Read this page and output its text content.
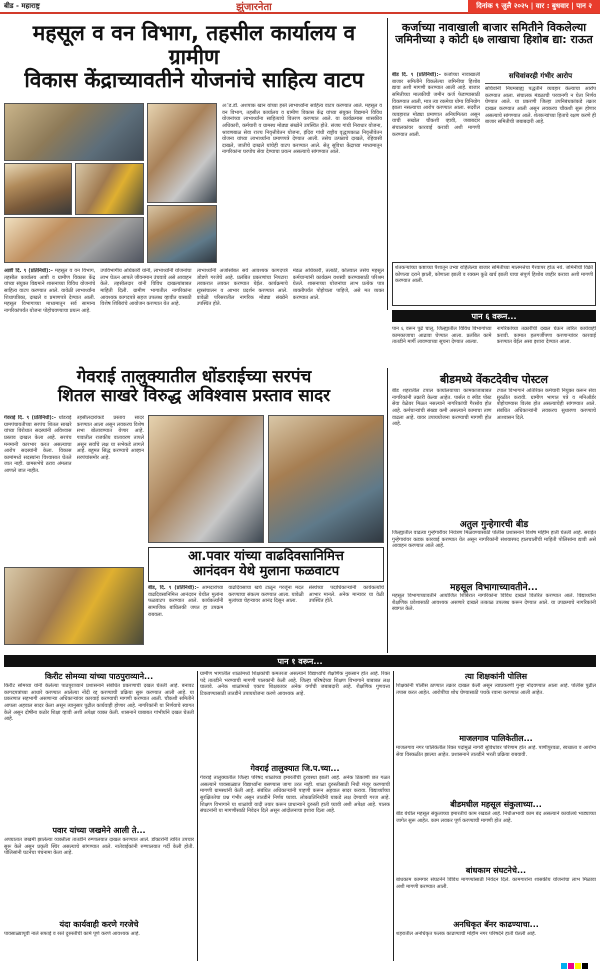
बीड - महाराष्ट्र	झुंजारनेता	दिनांक ९ जुलै २०२५ | वार : बुधवार | पान २
महसूल व वन विभाग, तहसील कार्यालय व ग्रामीण
विकास केंद्राच्यावतीने योजनांचे साहित्य वाटप
अॅड.डॉ. अशपाक खान यांच्या हस्ते लाभार्थ्यांना साहित्य वाटप करण्यात आले. महसूल व वन विभाग, तहसील कार्यालय व ग्रामीण विकास केंद्र यांच्या संयुक्त विद्यमाने विविध योजनांच्या लाभार्थ्यांना साहित्याचे वितरण करण्यात आले. या कार्यक्रमास शासकीय अधिकारी, कर्मचारी व ग्रामस्थ मोठ्या संख्येने उपस्थित होते. संजय गांधी निराधार योजना, श्रावणबाळ सेवा राज्य निवृत्तीवेतन योजना, इंदिरा गांधी राष्ट्रीय वृद्धापकाळ निवृत्तीवेतन योजना यांच्या लाभार्थ्यांना प्रमाणपत्रे देण्यात आली. तसेच उत्पन्नाचे दाखले, रहिवासी दाखले, जातीचे दाखले यांचेही वाटप करण्यात आले. सेतू सुविधा केंद्राच्या माध्यमातून नागरिकांना घरपोच सेवा देण्याचा प्रयत्न असल्याचे सांगण्यात आले.
आष्टी दि. ९ (प्रतिनिधी):– महसूल व वन विभाग, तहसील कार्यालय आष्टी व ग्रामीण विकास केंद्र यांच्या संयुक्त विद्यमाने शासनाच्या विविध योजनांचे साहित्य वाटप करण्यात आले. यावेळी लाभार्थ्यांना शिधापत्रिका, दाखले व प्रमाणपत्रे देण्यात आली. महसूल विभागाच्या माध्यमातून सर्व सामान्य नागरिकांपर्यंत योजना पोहोचवण्याचा प्रयत्न आहे.
उपविभागीय अधिकारी यांनी, लाभार्थ्यांनी योजनांचा लाभ घेऊन आपले जीवनमान उंचवावे असे आवाहन केले. तहसीलदार यांनी विविध दाखल्यांबाबत माहिती दिली. ग्रामीण भागातील नागरिकांना आवश्यक कागदपत्रे सहज उपलब्ध व्हावीत यासाठी विशेष शिबिरांचे आयोजन करण्यात येत आहे.
लाभार्थ्यांनी अर्जासोबत सर्व आवश्यक कागदपत्रे जोडणे गरजेचे आहे. प्रलंबित प्रकरणांचा निपटारा लवकरात लवकर करण्यात येईल. कार्यक्रमाचे सूत्रसंचालन व आभार प्रदर्शन करण्यात आले. यावेळी परिसरातील नागरिक मोठ्या संख्येने उपस्थित होते.
मंडळ अधिकारी, तलाठी, कोतवाल तसेच महसूल कर्मचाऱ्यांनी कार्यक्रम यशस्वी करण्यासाठी परिश्रम घेतले. शासनाच्या योजनांचा लाभ प्रत्येक पात्र व्यक्तीपर्यंत पोहोचला पाहिजे, असे मत व्यक्त करण्यात आले.
कर्जाच्या नावाखाली बाजार समितीने विकलेल्या जमिनीच्या ३ कोटी ६७ लाखाचा हिशोब द्या: राऊत
बीड दि. ९ (प्रतिनिधी):– कर्जाच्या नावाखाली बाजार समितीने विकलेल्या जमिनीचा हिशोब द्यावा अशी मागणी करण्यात आली आहे. बाजार समितीच्या मालकीची जमीन कर्ज फेडण्यासाठी विकण्यात आली, मात्र त्या रकमेचा योग्य विनियोग झाला नसल्याचा आरोप करण्यात आला. सदरील व्यवहारात मोठ्या प्रमाणात अनियमितता असून याची सखोल चौकशी व्हावी, जबाबदार संचालकांवर कारवाई करावी अशी मागणी करण्यात आली.
सचिवांवरही गंभीर आरोप
सचिवांनी नियमबाह्य पद्धतीने व्यवहार केल्याचा आरोप करण्यात आला. संचालक मंडळाची परवानगी न घेता निर्णय घेण्यात आले. या प्रकरणी जिल्हा उपनिबंधकांकडे तक्रार दाखल करण्यात आली असून लवकरच चौकशी सुरू होणार असल्याचे सांगण्यात आले. शेतकऱ्यांच्या हिताचे रक्षण करणे ही बाजार समितीची जबाबदारी आहे.
शेतकऱ्यांच्या कष्टाच्या पैशातून उभ्या राहिलेल्या बाजार समितीच्या मालमत्तेचा गैरवापर होऊ नये. जमिनीची विक्री कोणत्या दराने झाली, कोणाला झाली व रक्कम कुठे खर्च झाली याचा संपूर्ण हिशोब जाहीर करावा अशी मागणी करण्यात आली.
पान ६ वरून...
पान ६ वरून पुढे चालू. जिल्ह्यातील विविध विभागांच्या कामकाजाचा आढावा घेण्यात आला. प्रलंबित कामे तातडीने मार्गी लावण्याच्या सूचना देण्यात आल्या.
नागरिकांच्या तक्रारींची दखल घेऊन त्वरित कार्यवाही करावी. कामात हलगर्जीपणा करणाऱ्यांवर कारवाई करण्यात येईल असा इशारा देण्यात आला.
बीडमध्ये वेंकटदेवीच पोस्टल
बीड शहरातील टपाल कार्यालयाच्या कामकाजाबाबत नागरिकांनी तक्रारी केल्या आहेत. पार्सल व स्पीड पोस्ट सेवा वेळेवर मिळत नसल्याने नागरिकांची गैरसोय होत आहे. कर्मचाऱ्यांची संख्या कमी असल्याने कामाचा ताण वाढला आहे. यावर उपाययोजना करण्याची मागणी होत आहे.
टपाल विभागाने अतिरिक्त कर्मचारी नियुक्त करून सेवा सुरळीत करावी. ग्रामीण भागात पत्रे व मनिऑर्डर पोहोचण्यास विलंब होत असल्याचेही सांगण्यात आले. संबंधित अधिकाऱ्यांनी लवकरच सुधारणा करण्याचे आश्वासन दिले.
गेवराई तालुक्यातील धोंडराईच्या सरपंच
शितल साखरे विरुद्ध अविश्वास प्रस्ताव सादर
गेवराई दि. ९ (प्रतिनिधी):– धोंडराई ग्रामपंचायतीच्या सरपंच शितल साखरे यांच्या विरोधात सदस्यांनी अविश्वास प्रस्ताव दाखल केला आहे. सरपंच मनमानी कारभार करत असल्याचा आरोप सदस्यांनी केला. विकास कामांमध्ये सदस्यांना विश्वासात घेतले जात नाही. ग्रामसभेचे ठराव अंमलात आणले जात नाहीत.
तहसीलदारांकडे प्रस्ताव सादर करण्यात आला असून लवकरच विशेष सभा बोलावण्यात येणार आहे. गावातील राजकीय वातावरण तापले असून सर्वांचे लक्ष या सभेकडे लागले आहे. बहुमत सिद्ध करण्याचे आव्हान सरपंचांसमोर आहे.
आ.पवार यांच्या वाढदिवसानिमित्त
आनंदवन येथे मुलाना फळवाटप
बीड, दि. ९ (प्रतिनिधी):– आमदारांच्या वाढदिवसानिमित्त आनंदवन येथील मुलांना फळवाटप करण्यात आले. कार्यकर्त्यांनी सामाजिक बांधिलकी जपत हा उपक्रम राबवला.
वाढदिवसाचा खर्च टाळून गरजूंना मदत करण्याचा संकल्प करण्यात आला. यावेळी मुलांच्या चेहऱ्यावर आनंद दिसून आला.
संस्थेच्या पदाधिकाऱ्यांनी कार्यकर्त्यांचे आभार मानले. अनेक मान्यवर या वेळी उपस्थित होते.
अतुल गुन्हेगारची बीड
जिल्ह्यातील वाढत्या गुन्हेगारीवर नियंत्रण मिळवण्यासाठी पोलीस प्रशासनाने विशेष मोहीम हाती घेतली आहे. सराईत गुन्हेगारांवर कडक कारवाई करण्यात येत असून नागरिकांनी संशयास्पद हालचालींची माहिती पोलिसांना द्यावी असे आवाहन करण्यात आले आहे.
महसूल विभागाच्यावतीने...
महसूल विभागाच्यावतीने आयोजित शिबिरात नागरिकांना विविध दाखले वितरित करण्यात आले. विद्यार्थ्यांना शैक्षणिक प्रवेशासाठी आवश्यक असणारे दाखले तत्काळ उपलब्ध करून देण्यात आले. या उपक्रमाचे नागरिकांनी स्वागत केले.
पान १ वरून...
किरीट सोमय्या यांच्या पाठपुराव्याने...
किरीट सोमय्या यांनी केलेल्या पाठपुराव्याने प्रशासनाने संबंधित प्रकरणाची दखल घेतली आहे. बनावट कागदपत्रांच्या आधारे करण्यात आलेल्या नोंदी रद्द करण्याची प्रक्रिया सुरू करण्यात आली आहे. या प्रकरणात सहभागी असणाऱ्या अधिकाऱ्यांवर कारवाई करण्याची मागणी करण्यात आली. चौकशी समितीने आपला अहवाल सादर केला असून त्यानुसार पुढील कार्यवाही होणार आहे. नागरिकांनी या निर्णयाचे स्वागत केले असून दोषींना कठोर शिक्षा व्हावी अशी अपेक्षा व्यक्त केली. शासनाने याबाबत गांभीर्याने दखल घेतली आहे.
पवार यांच्या जखमेने आली ते...
अपघातात जखमी झालेल्या व्यक्तीला तातडीने रुग्णालयात दाखल करण्यात आले. डॉक्टरांनी त्वरित उपचार सुरू केले असून प्रकृती स्थिर असल्याचे सांगण्यात आले. नातेवाईकांनी रुग्णालयात गर्दी केली होती. पोलिसांनी घटनेचा पंचनामा केला आहे.
यंदा कार्यवाही करणे गरजेचे
पावसाळ्यापूर्वी नाले सफाई व रस्ते दुरुस्तीची कामे पूर्ण करणे आवश्यक आहे.
ग्रामीण भागातील शाळांमध्ये शिक्षकांची कमतरता असल्याने विद्यार्थ्यांचे शैक्षणिक नुकसान होत आहे. रिक्त पदे तातडीने भरण्याची मागणी पालकांनी केली आहे. जिल्हा परिषदेच्या शिक्षण विभागाने याबाबत लक्ष घालावे. अनेक शाळांमध्ये एकाच शिक्षकावर अनेक वर्गांची जबाबदारी आहे. शैक्षणिक गुणवत्ता टिकवण्यासाठी तातडीने उपाययोजना करणे आवश्यक आहे.
गेवराई तालुक्यात जि.प.च्या...
गेवराई तालुक्यातील जिल्हा परिषद शाळांच्या इमारतींची दुरवस्था झाली आहे. अनेक ठिकाणी छत गळत असल्याने पावसाळ्यात विद्यार्थ्यांना बसण्यास जागा उरत नाही. शाळा दुरुस्तीसाठी निधी मंजूर करण्याची मागणी ग्रामस्थांनी केली आहे. संबंधित अधिकाऱ्यांनी पाहणी करून अहवाल सादर करावा. विद्यार्थ्यांच्या सुरक्षिततेचा प्रश्न गंभीर असून तातडीने निर्णय घ्यावा. लोकप्रतिनिधींनी याकडे लक्ष देण्याची गरज आहे. शिक्षण विभागाने या शाळांची यादी तयार करून प्राधान्याने दुरुस्ती हाती घ्यावी अशी अपेक्षा आहे. पालक संघटनांनी या मागणीसाठी निवेदन दिले असून आंदोलनाचा इशारा दिला आहे.
त्या शिक्षकांनी पोलिस
शिक्षकांनी पोलीस ठाण्यात तक्रार दाखल केली असून त्याप्रकरणी गुन्हा नोंदवण्यात आला आहे. पोलीस पुढील तपास करत आहेत. आरोपींचा शोध घेण्यासाठी पथके रवाना करण्यात आली आहेत.
माजलगाव पालिकेतील...
माजलगाव नगर पालिकेतील रिक्त पदांमुळे नागरी सुविधांवर परिणाम होत आहे. पाणीपुरवठा, स्वच्छता व आरोग्य सेवा विस्कळीत झाल्या आहेत. प्रशासनाने तातडीने भरती प्रक्रिया राबवावी.
बीडमधील महसूल संकुलाच्या...
बीड येथील महसूल संकुलाच्या इमारतीचे काम रखडले आहे. निधीअभावी काम बंद असल्याने कार्यालये भाड्याच्या जागेत सुरू आहेत. काम लवकर पूर्ण करण्याची मागणी होत आहे.
बांधकाम संघटनेचे...
बांधकाम कामगार संघटनेने विविध मागण्यांसाठी निवेदन दिले. कामगारांना शासकीय योजनांचा लाभ मिळावा अशी मागणी करण्यात आली.
अनधिकृत बॅनर काढण्याचा...
शहरातील अनधिकृत फलक काढण्याची मोहीम नगर परिषदेने हाती घेतली आहे.
